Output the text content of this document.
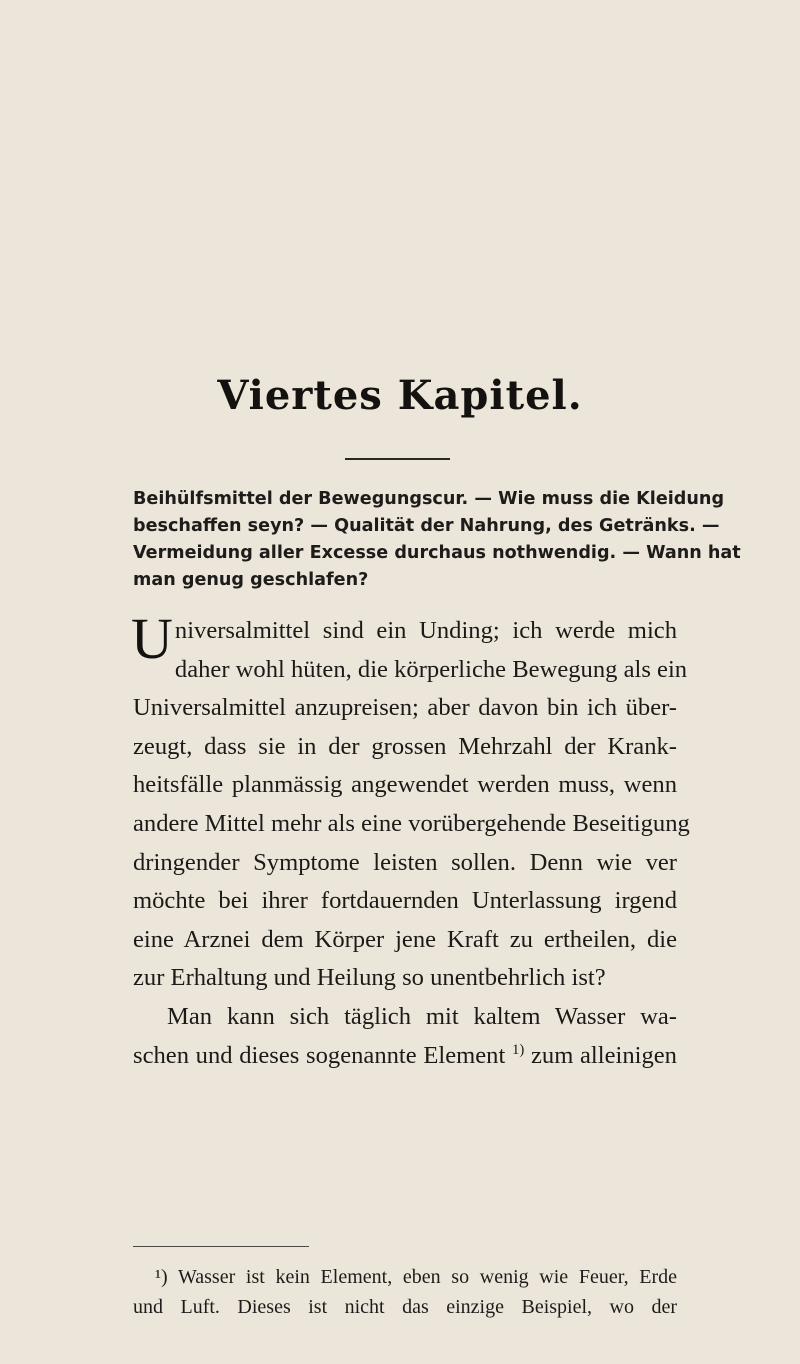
Viertes Kapitel.
Beihülfsmittel der Bewegungscur. — Wie muss die Kleidung
beschaffen seyn? — Qualität der Nahrung, des Getränks. —
Vermeidung aller Excesse durchaus nothwendig. — Wann hat
man genug geschlafen?
Universalmittel sind ein Unding; ich werde mich
daher wohl hüten, die körperliche Bewegung als ein
Universalmittel anzupreisen; aber davon bin ich über-
zeugt, dass sie in der grossen Mehrzahl der Krank-
heitsfälle planmässig angewendet werden muss, wenn
andere Mittel mehr als eine vorübergehende Beseitigung
dringender Symptome leisten sollen. Denn wie ver
möchte bei ihrer fortdauernden Unterlassung irgend
eine Arznei dem Körper jene Kraft zu ertheilen, die
zur Erhaltung und Heilung so unentbehrlich ist?
Man kann sich täglich mit kaltem Wasser wa-
schen und dieses sogenannte Element $^{1)}$ zum alleinigen
¹) Wasser ist kein Element, eben so wenig wie Feuer, Erde
und Luft. Dieses ist nicht das einzige Beispiel, wo der
